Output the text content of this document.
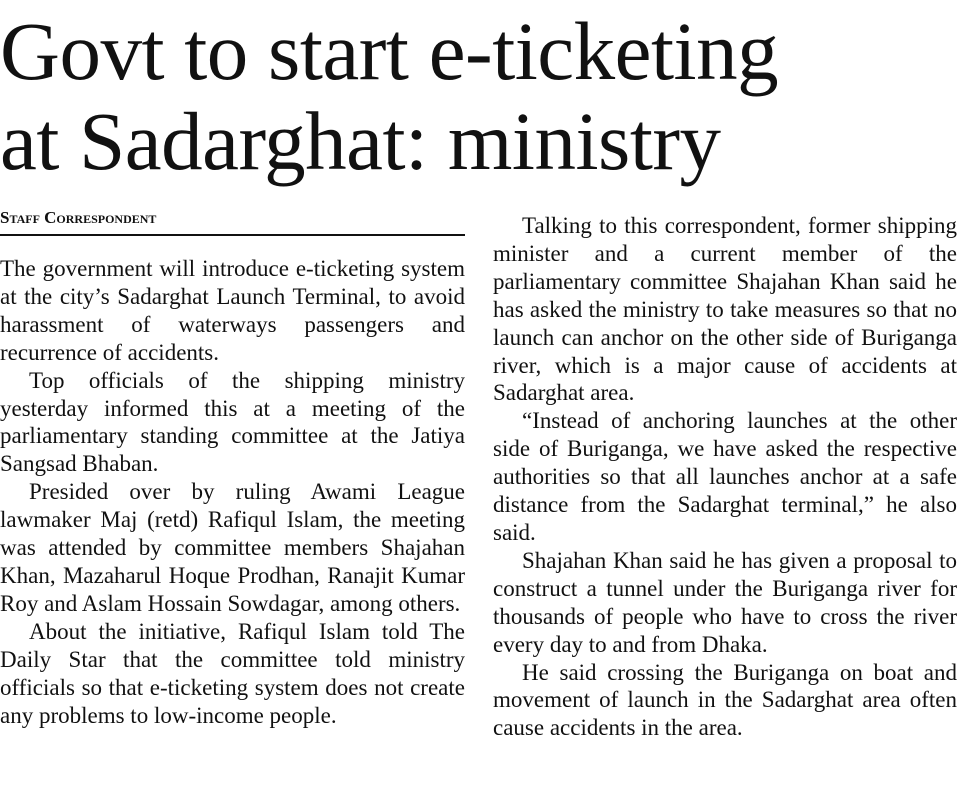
Govt to start e-ticketing
at Sadarghat: ministry
Staff Correspondent

The government will introduce e-ticketing system at the city’s Sadarghat Launch Terminal, to avoid harassment of waterways passengers and recurrence of accidents.

Top officials of the shipping ministry yesterday informed this at a meeting of the parliamentary standing committee at the Jatiya Sangsad Bhaban.

Presided over by ruling Awami League lawmaker Maj (retd) Rafiqul Islam, the meeting was attended by committee members Shajahan Khan, Mazaharul Hoque Prodhan, Ranajit Kumar Roy and Aslam Hossain Sowdagar, among others.

About the initiative, Rafiqul Islam told The Daily Star that the committee told ministry officials so that e-ticketing system does not create any problems to low-income people.

Talking to this correspondent, former shipping minister and a current member of the parliamentary committee Shajahan Khan said he has asked the ministry to take measures so that no launch can anchor on the other side of Buriganga river, which is a major cause of accidents at Sadarghat area.

“Instead of anchoring launches at the other side of Buriganga, we have asked the respective authorities so that all launches anchor at a safe distance from the Sadarghat terminal,” he also said.

Shajahan Khan said he has given a proposal to construct a tunnel under the Buriganga river for thousands of people who have to cross the river every day to and from Dhaka.

He said crossing the Buriganga on boat and movement of launch in the Sadarghat area often cause accidents in the area.
